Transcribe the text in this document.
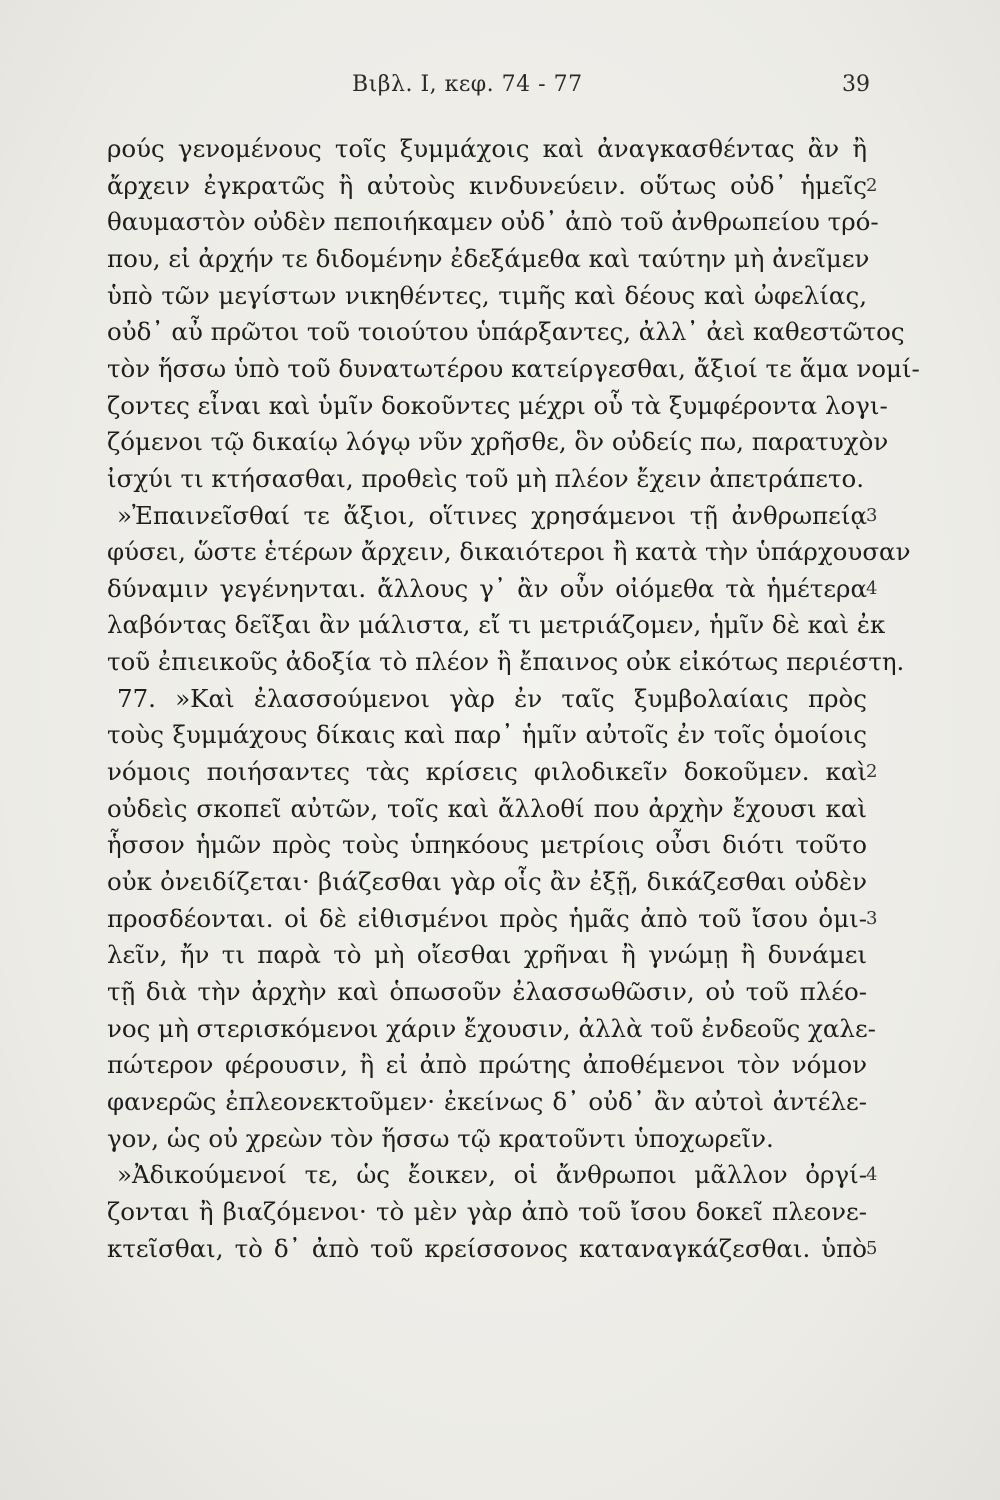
Βιβλ. Ι, κεφ. 74 - 77	39
ρούς γενομένους τοῖς ξυμμάχοις καὶ ἀναγκασθέντας ἂν ἢ
ἄρχειν ἐγκρατῶς ἢ αὐτοὺς κινδυνεύειν. οὕτως οὐδ᾽ ἡμεῖς
θαυμαστὸν οὐδὲν πεποιήκαμεν οὐδ᾽ ἀπὸ τοῦ ἀνθρωπείου τρό-
που, εἰ ἀρχήν τε διδομένην ἐδεξάμεθα καὶ ταύτην μὴ ἀνεῖμεν
ὑπὸ τῶν μεγίστων νικηθέντες, τιμῆς καὶ δέους καὶ ὠφελίας,
οὐδ᾽ αὖ πρῶτοι τοῦ τοιούτου ὑπάρξαντες, ἀλλ᾽ ἀεὶ καθεστῶτος
τὸν ἥσσω ὑπὸ τοῦ δυνατωτέρου κατείργεσθαι, ἄξιοί τε ἅμα νομί-
ζοντες εἶναι καὶ ὑμῖν δοκοῦντες μέχρι οὗ τὰ ξυμφέροντα λογι-
ζόμενοι τῷ δικαίῳ λόγῳ νῦν χρῆσθε, ὃν οὐδείς πω, παρατυχὸν
ἰσχύι τι κτήσασθαι, προθεὶς τοῦ μὴ πλέον ἔχειν ἀπετράπετο.
»Ἐπαινεῖσθαί τε ἄξιοι, οἵτινες χρησάμενοι τῇ ἀνθρωπείᾳ
φύσει, ὥστε ἑτέρων ἄρχειν, δικαιότεροι ἢ κατὰ τὴν ὑπάρχουσαν
δύναμιν γεγένηνται. ἄλλους γ᾽ ἂν οὖν οἰόμεθα τὰ ἡμέτερα
λαβόντας δεῖξαι ἂν μάλιστα, εἴ τι μετριάζομεν, ἡμῖν δὲ καὶ ἐκ
τοῦ ἐπιεικοῦς ἀδοξία τὸ πλέον ἢ ἔπαινος οὐκ εἰκότως περιέστη.
77. »Καὶ ἐλασσούμενοι γὰρ ἐν ταῖς ξυμβολαίαις πρὸς
τοὺς ξυμμάχους δίκαις καὶ παρ᾽ ἡμῖν αὐτοῖς ἐν τοῖς ὁμοίοις
νόμοις ποιήσαντες τὰς κρίσεις φιλοδικεῖν δοκοῦμεν. καὶ
οὐδεὶς σκοπεῖ αὐτῶν, τοῖς καὶ ἄλλοθί που ἀρχὴν ἔχουσι καὶ
ἧσσον ἡμῶν πρὸς τοὺς ὑπηκόους μετρίοις οὖσι διότι τοῦτο
οὐκ ὀνειδίζεται· βιάζεσθαι γὰρ οἷς ἂν ἐξῇ, δικάζεσθαι οὐδὲν
προσδέονται. οἱ δὲ εἰθισμένοι πρὸς ἡμᾶς ἀπὸ τοῦ ἴσου ὁμι-
λεῖν, ἤν τι παρὰ τὸ μὴ οἴεσθαι χρῆναι ἢ γνώμῃ ἢ δυνάμει
τῇ διὰ τὴν ἀρχὴν καὶ ὁπωσοῦν ἐλασσωθῶσιν, οὐ τοῦ πλέο-
νος μὴ στερισκόμενοι χάριν ἔχουσιν, ἀλλὰ τοῦ ἐνδεοῦς χαλε-
πώτερον φέρουσιν, ἢ εἰ ἀπὸ πρώτης ἀποθέμενοι τὸν νόμον
φανερῶς ἐπλεονεκτοῦμεν· ἐκείνως δ᾽ οὐδ᾽ ἂν αὐτοὶ ἀντέλε-
γον, ὡς οὐ χρεὼν τὸν ἥσσω τῷ κρατοῦντι ὑποχωρεῖν.
»Ἀδικούμενοί τε, ὡς ἔοικεν, οἱ ἄνθρωποι μᾶλλον ὀργί-
ζονται ἢ βιαζόμενοι· τὸ μὲν γὰρ ἀπὸ τοῦ ἴσου δοκεῖ πλεονε-
κτεῖσθαι, τὸ δ᾽ ἀπὸ τοῦ κρείσσονος καταναγκάζεσθαι. ὑπὸ
2
3
4
2
3
4
5
